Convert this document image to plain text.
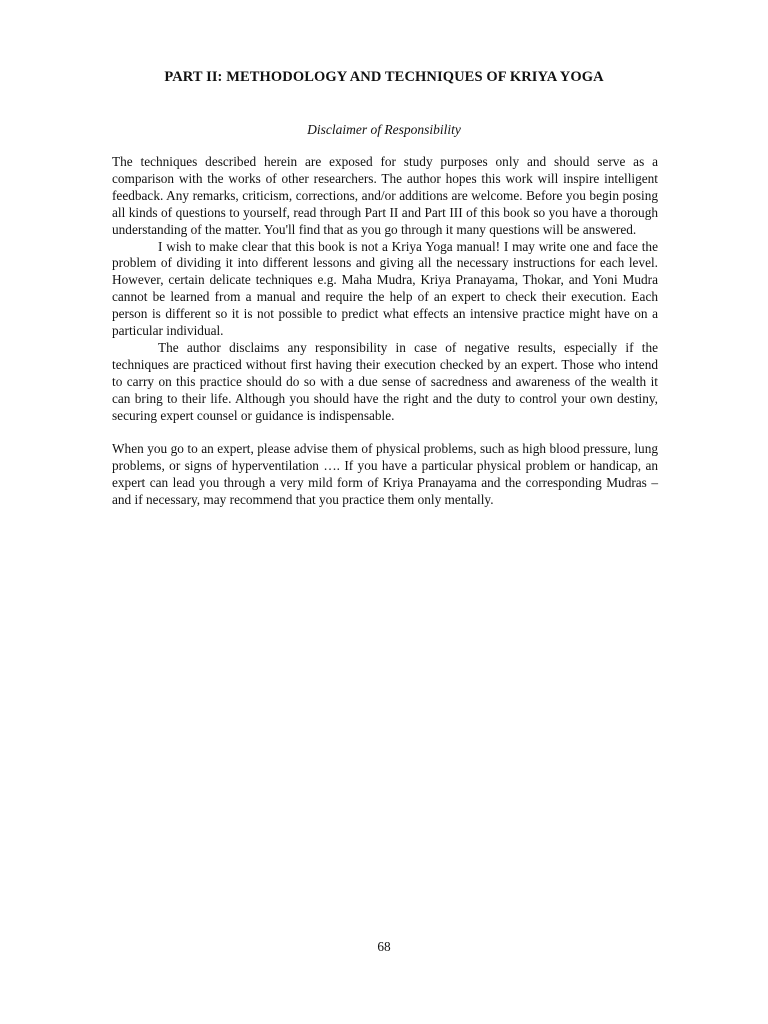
PART II: METHODOLOGY AND TECHNIQUES OF KRIYA YOGA
Disclaimer of Responsibility

The techniques described herein are exposed for study purposes only and should serve as a comparison with the works of other researchers. The author hopes this work will inspire intelligent feedback. Any remarks, criticism, corrections, and/or additions are welcome. Before you begin posing all kinds of questions to yourself, read through Part II and Part III of this book so you have a thorough understanding of the matter. You'll find that as you go through it many questions will be answered.

I wish to make clear that this book is not a Kriya Yoga manual! I may write one and face the problem of dividing it into different lessons and giving all the necessary instructions for each level. However, certain delicate techniques e.g. Maha Mudra, Kriya Pranayama, Thokar, and Yoni Mudra cannot be learned from a manual and require the help of an expert to check their execution. Each person is different so it is not possible to predict what effects an intensive practice might have on a particular individual.

The author disclaims any responsibility in case of negative results, especially if the techniques are practiced without first having their execution checked by an expert. Those who intend to carry on this practice should do so with a due sense of sacredness and awareness of the wealth it can bring to their life. Although you should have the right and the duty to control your own destiny, securing expert counsel or guidance is indispensable.

When you go to an expert, please advise them of physical problems, such as high blood pressure, lung problems, or signs of hyperventilation …. If you have a particular physical problem or handicap, an expert can lead you through a very mild form of Kriya Pranayama and the corresponding Mudras – and if necessary, may recommend that you practice them only mentally.

68
